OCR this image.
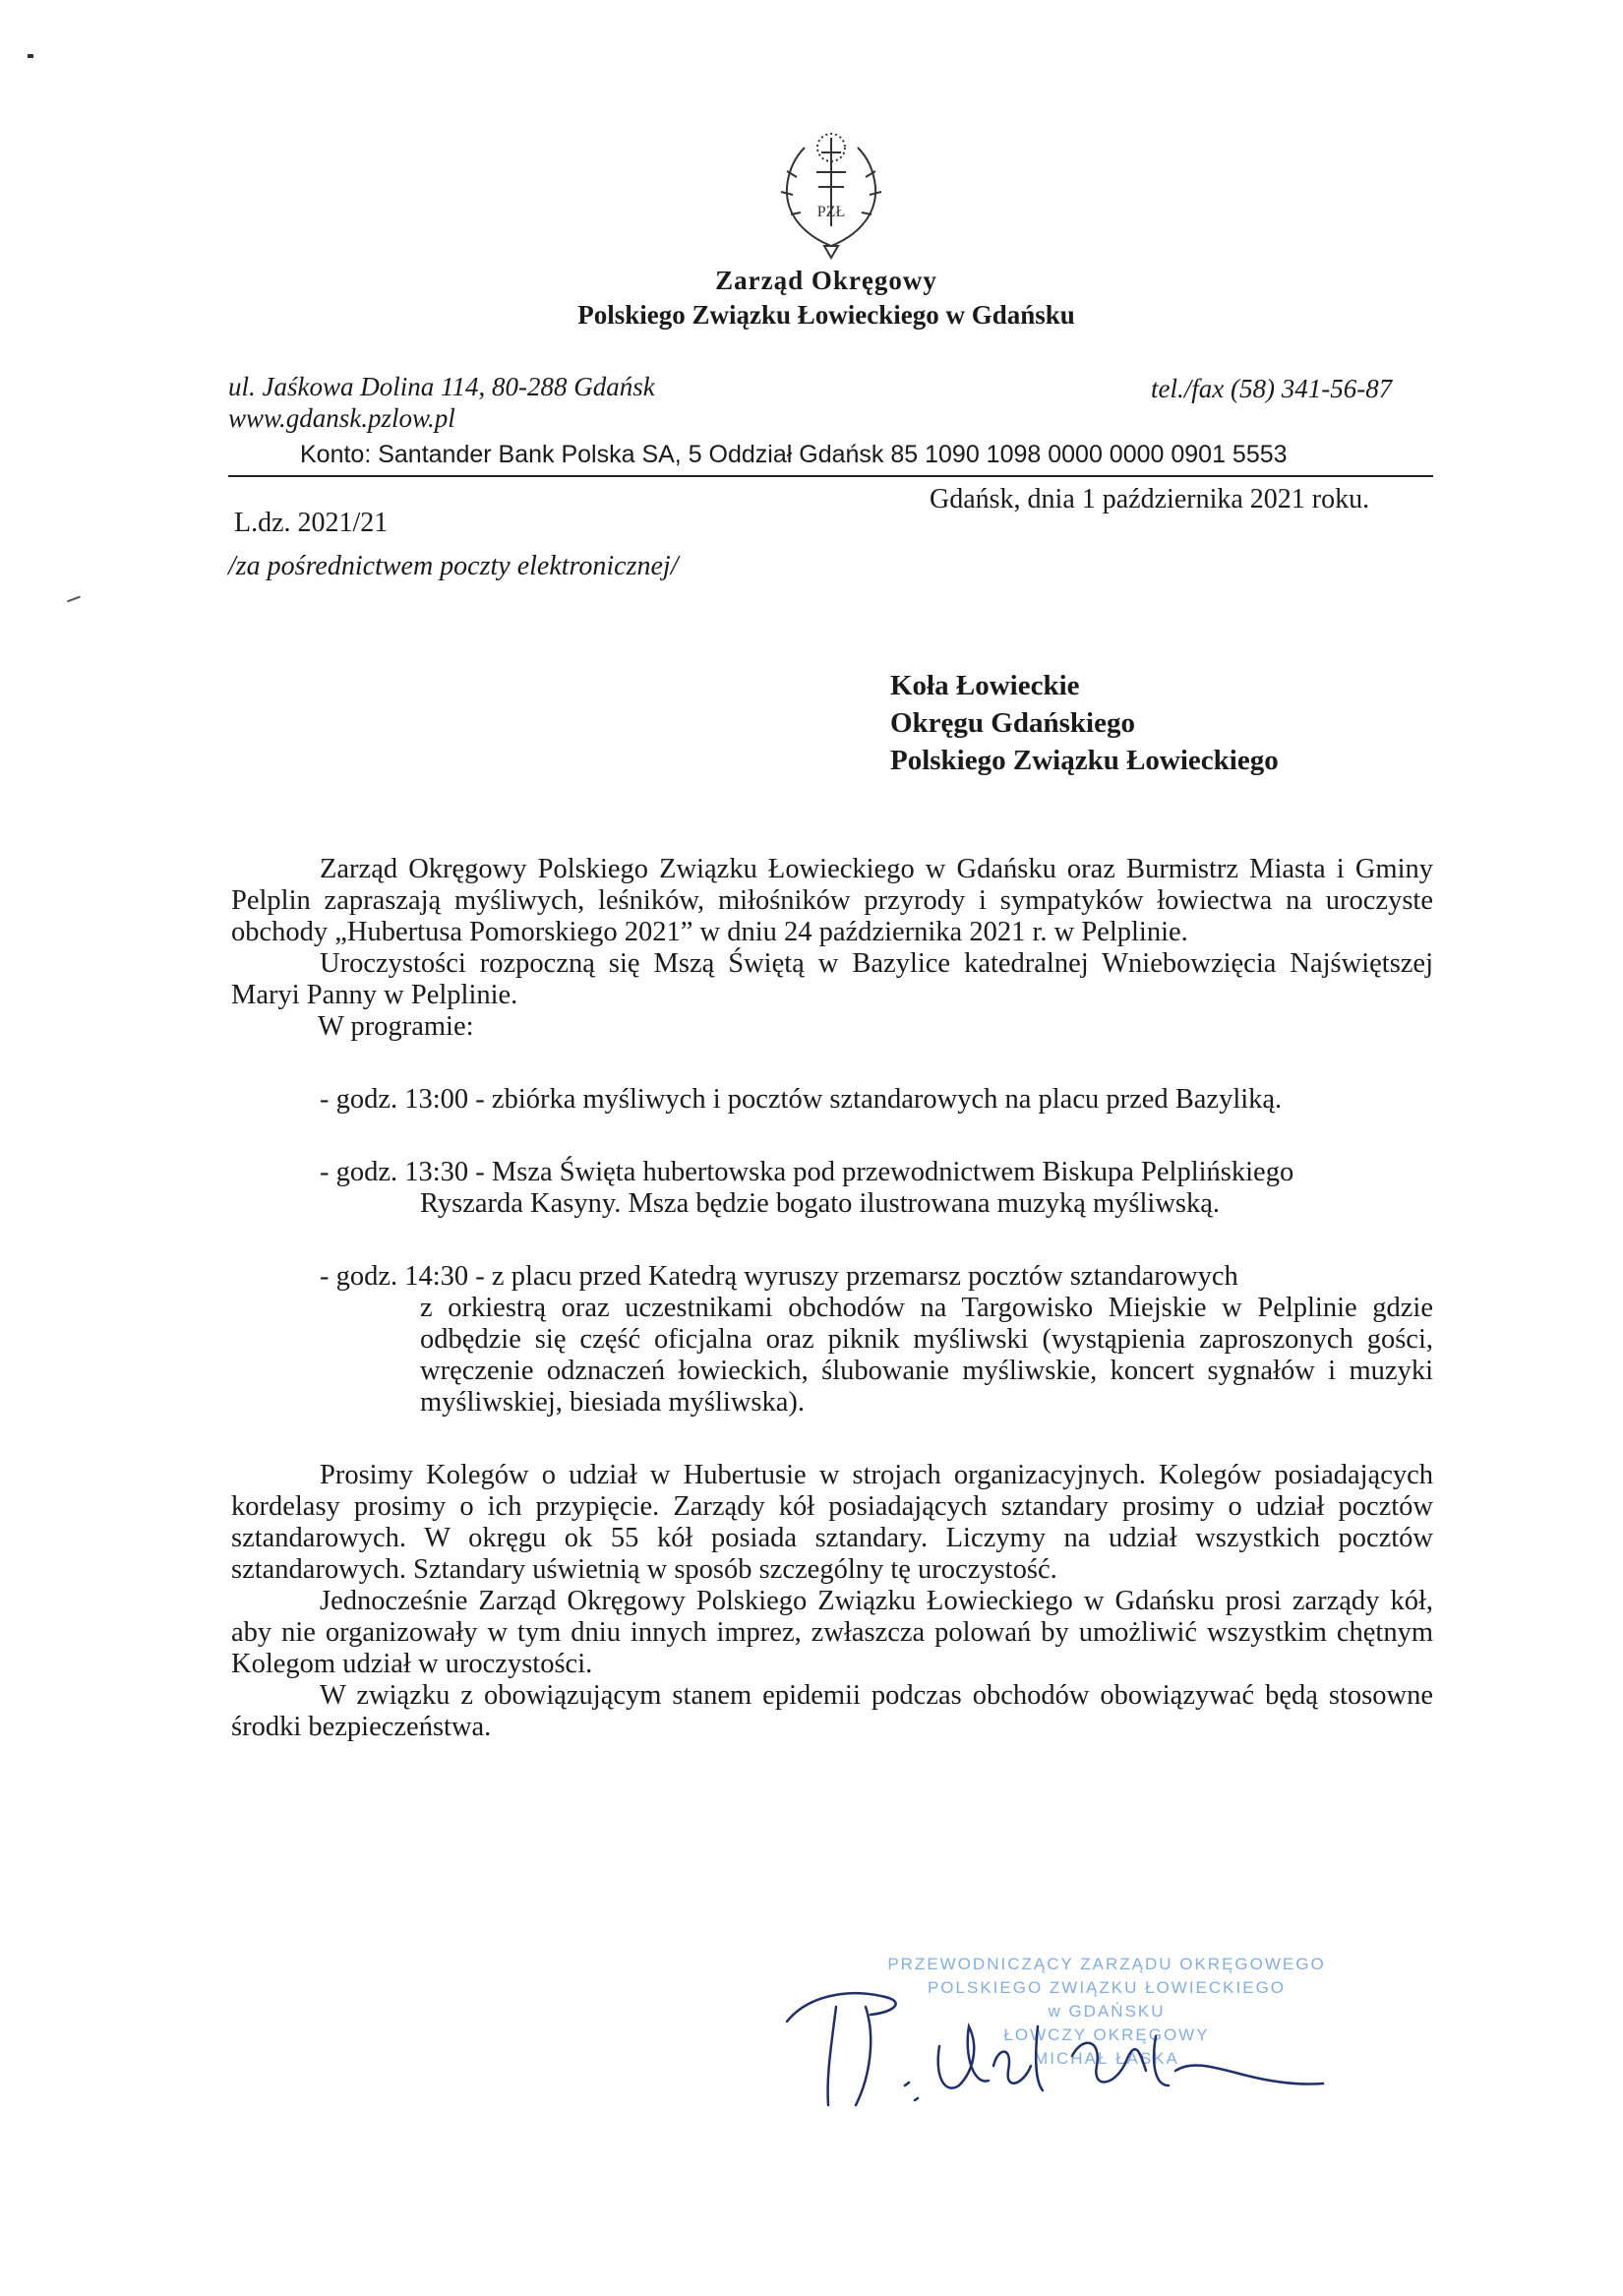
PZŁ
Zarząd Okręgowy
Polskiego Związku Łowieckiego w Gdańsku
ul. Jaśkowa Dolina 114, 80-288 Gdańsk
www.gdansk.pzlow.pl
tel./fax (58) 341-56-87
Konto: Santander Bank Polska SA, 5 Oddział Gdańsk 85 1090 1098 0000 0000 0901 5553
Gdańsk, dnia 1 października 2021 roku.
L.dz. 2021/21
/za pośrednictwem poczty elektronicznej/
Koła Łowieckie
Okręgu Gdańskiego
Polskiego Związku Łowieckiego

Zarząd Okręgowy Polskiego Związku Łowieckiego w Gdańsku oraz Burmistrz Miasta i Gminy Pelplin zapraszają myśliwych, leśników, miłośników przyrody i sympatyków łowiectwa na uroczyste obchody „Hubertusa Pomorskiego 2021” w dniu 24 października 2021 r. w Pelplinie.

Uroczystości rozpoczną się Mszą Świętą w Bazylice katedralnej Wniebowzięcia Najświętszej Maryi Panny w Pelplinie.

W programie:

- godz. 13:00 - zbiórka myśliwych i pocztów sztandarowych na placu przed Bazyliką.

- godz. 13:30 - Msza Święta hubertowska pod przewodnictwem Biskupa Pelplińskiego

Ryszarda Kasyny. Msza będzie bogato ilustrowana muzyką myśliwską.

- godz. 14:30 - z placu przed Katedrą wyruszy przemarsz pocztów sztandarowych

z orkiestrą oraz uczestnikami obchodów na Targowisko Miejskie w Pelplinie gdzie odbędzie się część oficjalna oraz piknik myśliwski (wystąpienia zaproszonych gości, wręczenie odznaczeń łowieckich, ślubowanie myśliwskie, koncert sygnałów i muzyki myśliwskiej, biesiada myśliwska).

Prosimy Kolegów o udział w Hubertusie w strojach organizacyjnych. Kolegów posiadających kordelasy prosimy o ich przypięcie. Zarządy kół posiadających sztandary prosimy o udział pocztów sztandarowych. W okręgu ok 55 kół posiada sztandary. Liczymy na udział wszystkich pocztów sztandarowych. Sztandary uświetnią w sposób szczególny tę uroczystość.

Jednocześnie Zarząd Okręgowy Polskiego Związku Łowieckiego w Gdańsku prosi zarządy kół, aby nie organizowały w tym dniu innych imprez, zwłaszcza polowań by umożliwić wszystkim chętnym Kolegom udział w uroczystości.

W związku z obowiązującym stanem epidemii podczas obchodów obowiązywać będą stosowne środki bezpieczeństwa.

PRZEWODNICZĄCY ZARZĄDU OKRĘGOWEGO
POLSKIEGO ZWIĄZKU ŁOWIECKIEGO
w GDAŃSKU
ŁOWCZY OKRĘGOWY
MICHAŁ ŁASKA
